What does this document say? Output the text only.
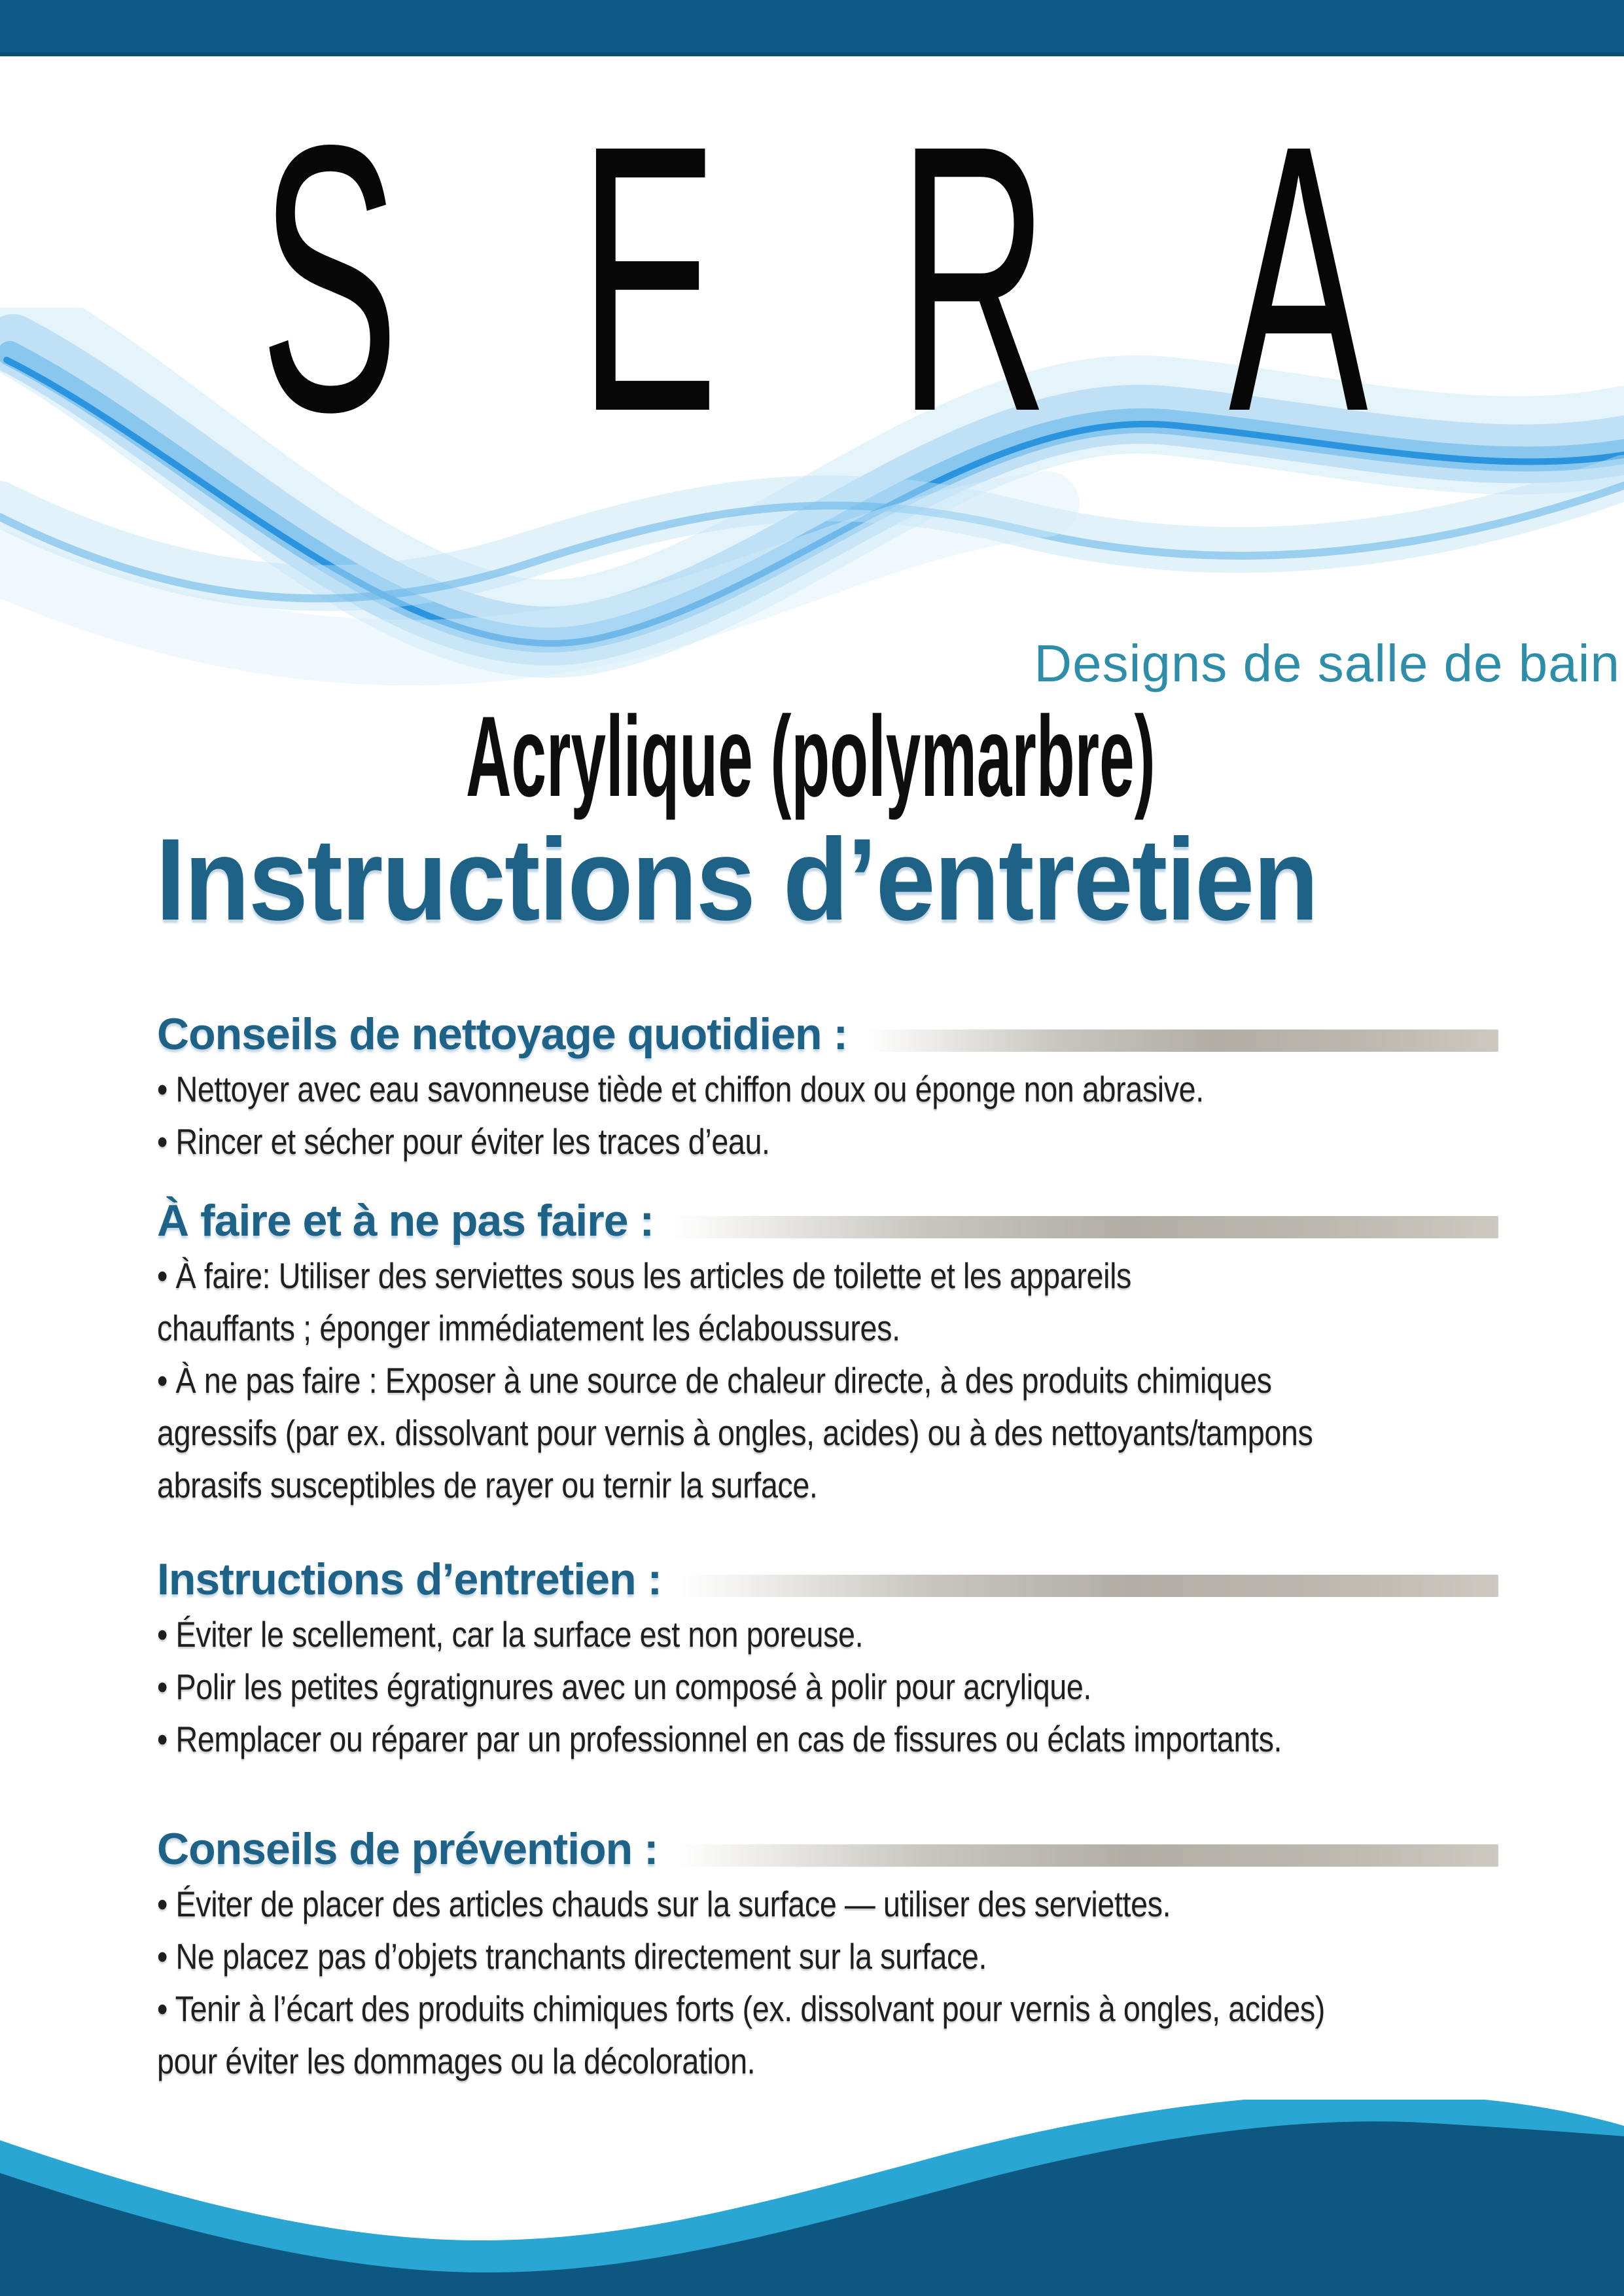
SERA
Designs de salle de bain
Acrylique (polymarbre)
Instructions d’entretien
Conseils de nettoyage quotidien :
• Nettoyer avec eau savonneuse tiède et chiffon doux ou éponge non abrasive.
• Rincer et sécher pour éviter les traces d’eau.
À faire et à ne pas faire :
• À faire: Utiliser des serviettes sous les articles de toilette et les appareils
chauffants ; éponger immédiatement les éclaboussures.
• À ne pas faire : Exposer à une source de chaleur directe, à des produits chimiques
agressifs (par ex. dissolvant pour vernis à ongles, acides) ou à des nettoyants/tampons
abrasifs susceptibles de rayer ou ternir la surface.
Instructions d’entretien :
• Éviter le scellement, car la surface est non poreuse.
• Polir les petites égratignures avec un composé à polir pour acrylique.
• Remplacer ou réparer par un professionnel en cas de fissures ou éclats importants.
Conseils de prévention :
• Éviter de placer des articles chauds sur la surface — utiliser des serviettes.
• Ne placez pas d’objets tranchants directement sur la surface.
• Tenir à l’écart des produits chimiques forts (ex. dissolvant pour vernis à ongles, acides)
pour éviter les dommages ou la décoloration.
